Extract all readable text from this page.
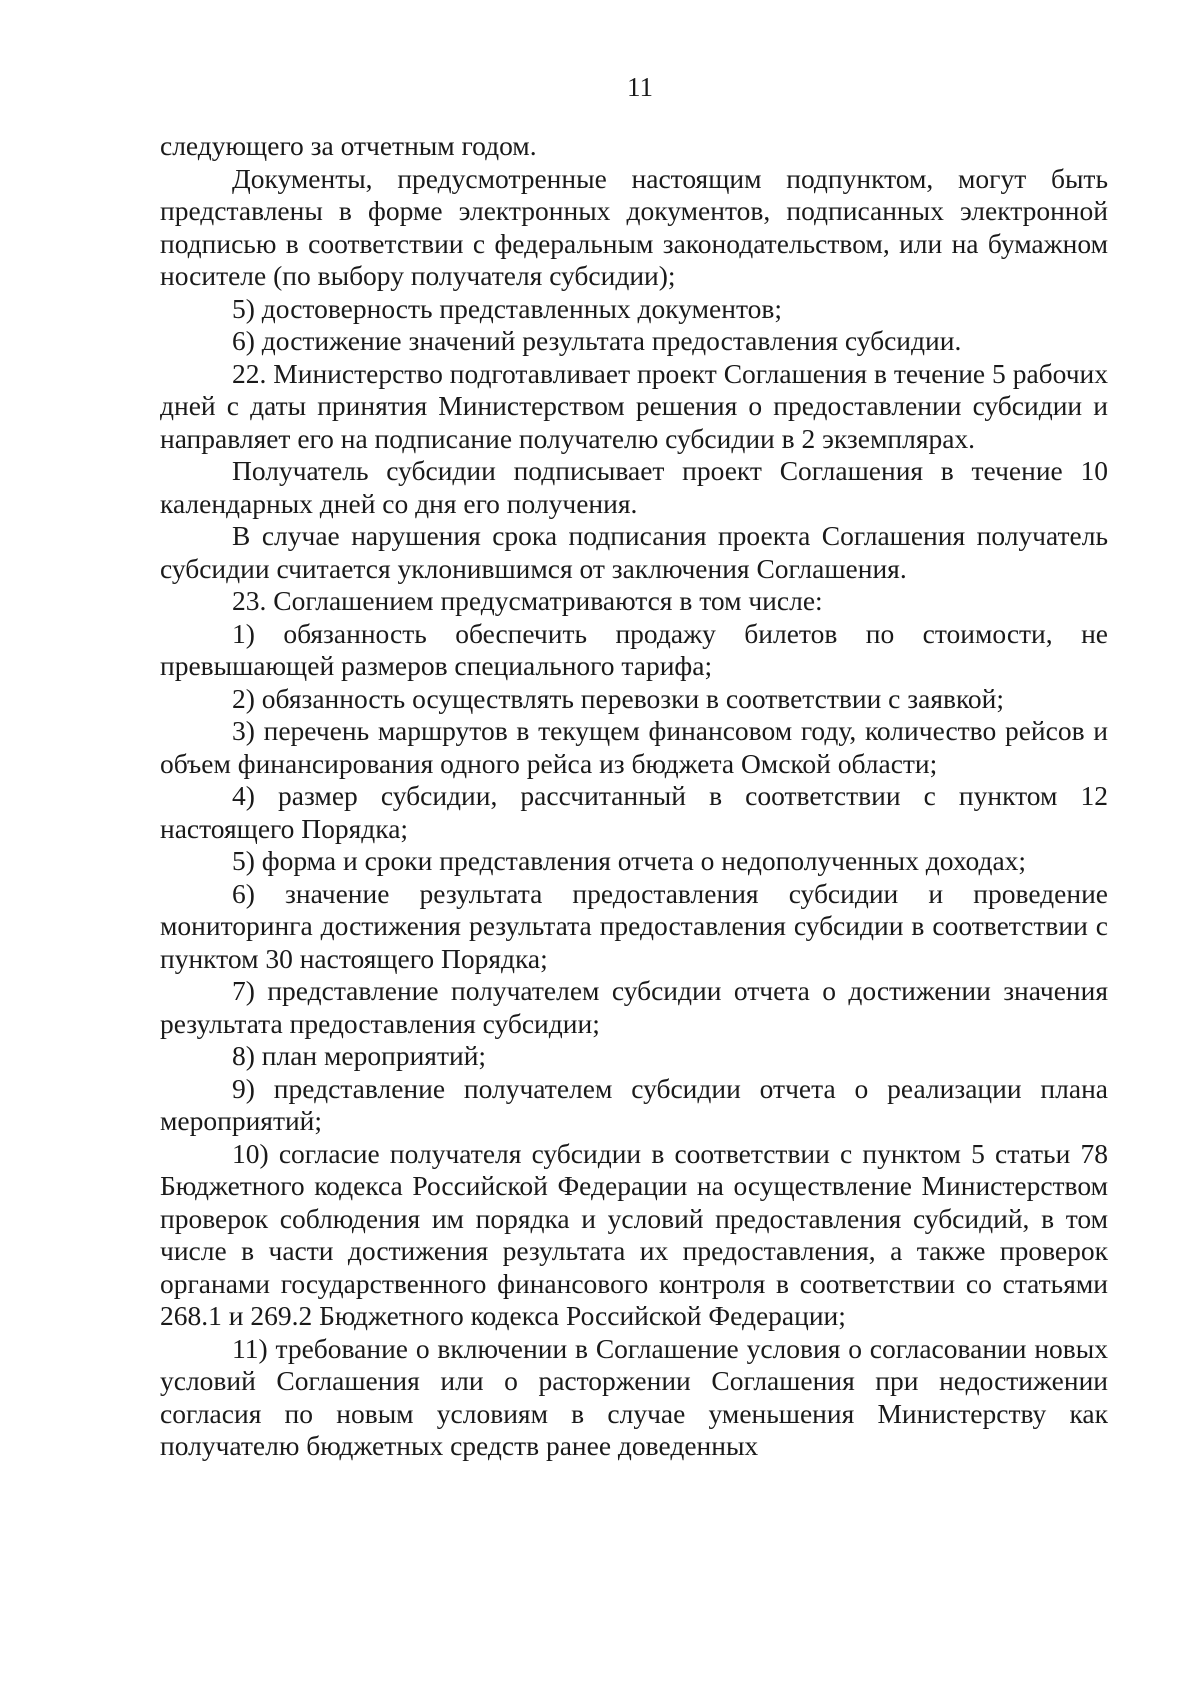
11

следующего за отчетным годом.

Документы, предусмотренные настоящим подпунктом, могут быть представлены в форме электронных документов, подписанных электронной подписью в соответствии с федеральным законодательством, или на бумажном носителе (по выбору получателя субсидии);

5) достоверность представленных документов;

6) достижение значений результата предоставления субсидии.

22. Министерство подготавливает проект Соглашения в течение 5 рабочих дней с даты принятия Министерством решения о предоставлении субсидии и направляет его на подписание получателю субсидии в 2 экземплярах.

Получатель субсидии подписывает проект Соглашения в течение 10 календарных дней со дня его получения.

В случае нарушения срока подписания проекта Соглашения получатель субсидии считается уклонившимся от заключения Соглашения.

23. Соглашением предусматриваются в том числе:

1) обязанность обеспечить продажу билетов по стоимости, не превышающей размеров специального тарифа;

2) обязанность осуществлять перевозки в соответствии с заявкой;

3) перечень маршрутов в текущем финансовом году, количество рейсов и объем финансирования одного рейса из бюджета Омской области;

4) размер субсидии, рассчитанный в соответствии с пунктом 12 настоящего Порядка;

5) форма и сроки представления отчета о недополученных доходах;

6) значение результата предоставления субсидии и проведение мониторинга достижения результата предоставления субсидии в соответствии с пунктом 30 настоящего Порядка;

7) представление получателем субсидии отчета о достижении значения результата предоставления субсидии;

8) план мероприятий;

9) представление получателем субсидии отчета о реализации плана мероприятий;

10) согласие получателя субсидии в соответствии с пунктом 5 статьи 78 Бюджетного кодекса Российской Федерации на осуществление Министерством проверок соблюдения им порядка и условий предоставления субсидий, в том числе в части достижения результата их предоставления, а также проверок органами государственного финансового контроля в соответствии со статьями 268.1 и 269.2 Бюджетного кодекса Российской Федерации;

11) требование о включении в Соглашение условия о согласовании новых условий Соглашения или о расторжении Соглашения при недостижении согласия по новым условиям в случае уменьшения Министерству как получателю бюджетных средств ранее доведенных
